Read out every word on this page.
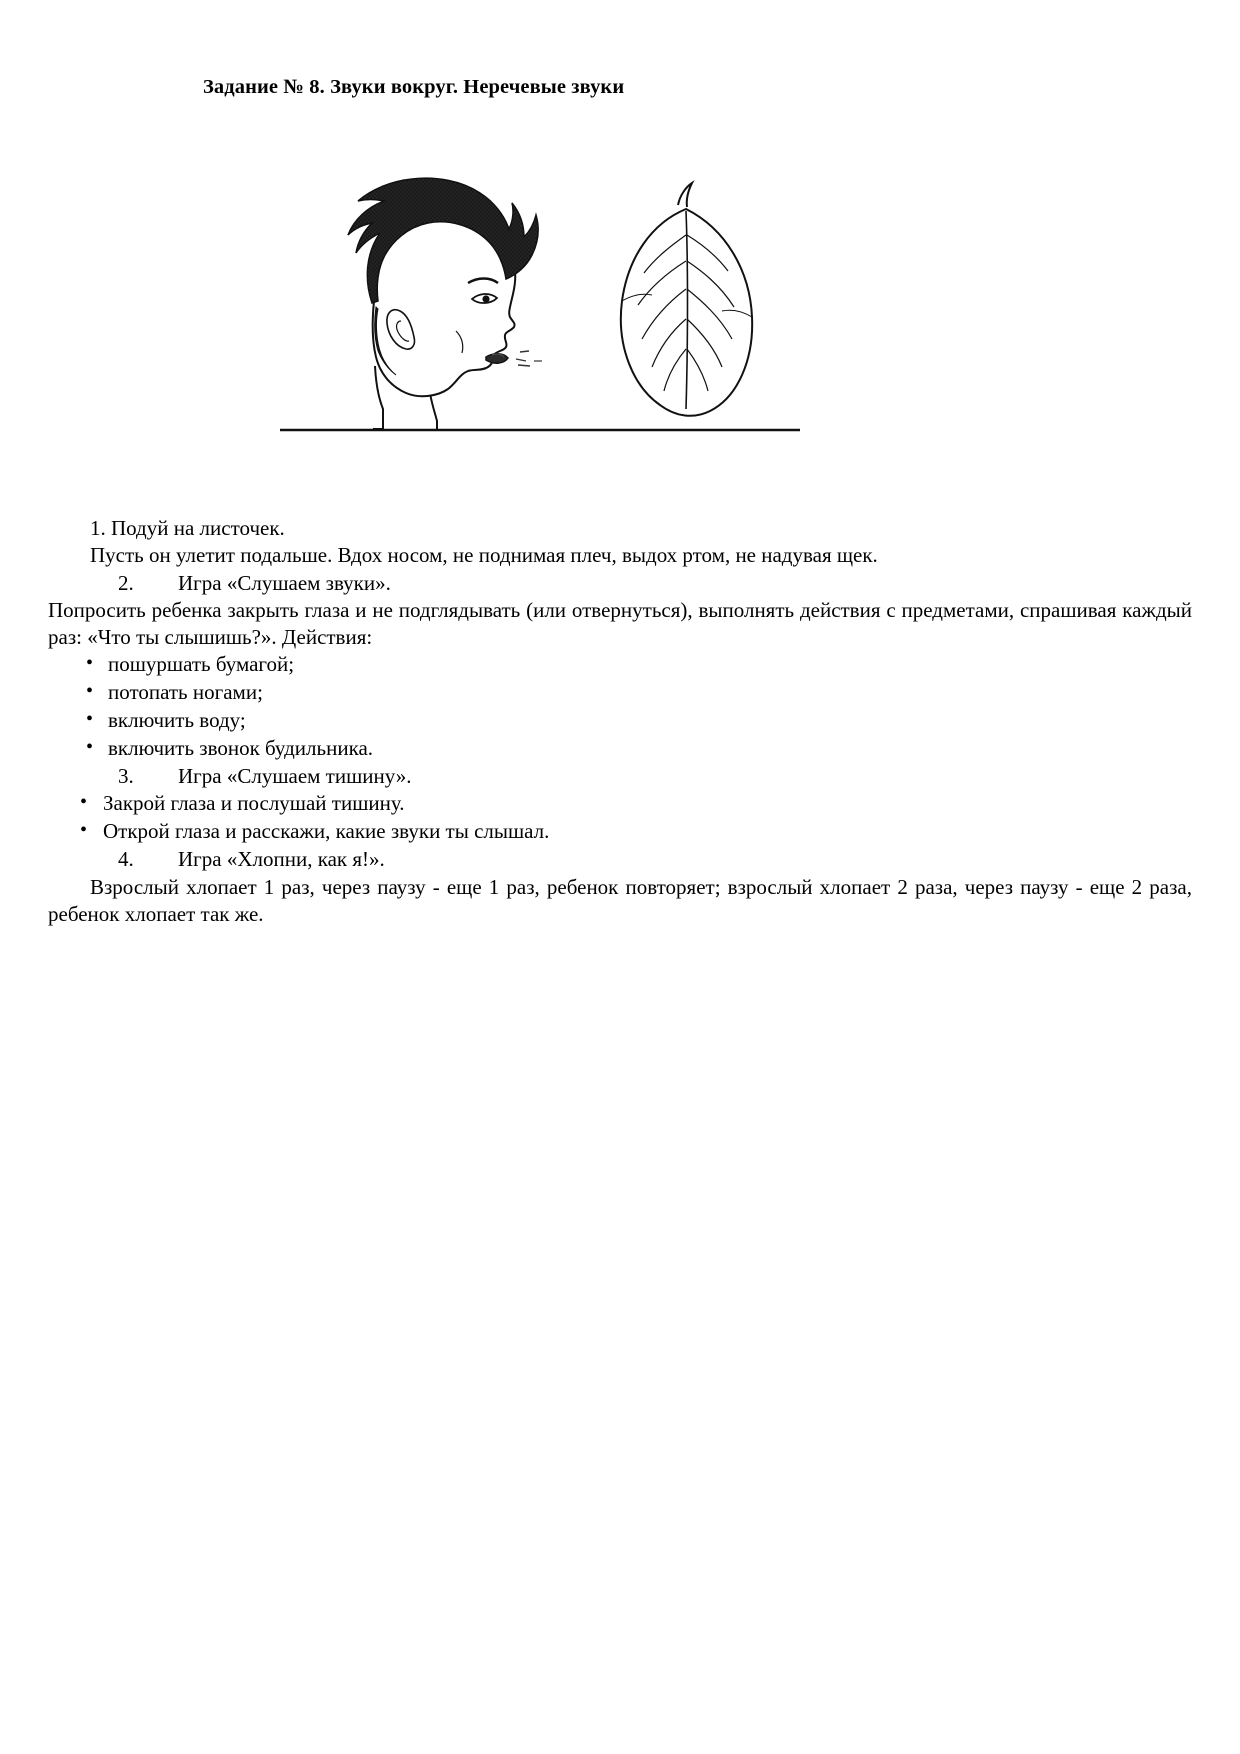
Задание № 8. Звуки вокруг. Неречевые звуки

1. Подуй на листочек.

Пусть он улетит подальше. Вдох носом, не поднимая плеч, выдох ртом, не надувая щек.

2. Игра «Слушаем звуки».

Попросить ребенка закрыть глаза и не подглядывать (или отвернуться), выполнять действия с предметами, спрашивая каждый раз: «Что ты слышишь?». Действия:

• пошуршать бумагой;
• потопать ногами;
• включить воду;
• включить звонок будильника.

3. Игра «Слушаем тишину».

• Закрой глаза и послушай тишину.
• Открой глаза и расскажи, какие звуки ты слышал.

4. Игра «Хлопни, как я!».

Взрослый хлопает 1 раз, через паузу - еще 1 раз, ребенок повторяет; взрослый хлопает 2 раза, через паузу - еще 2 раза, ребенок хлопает так же.
